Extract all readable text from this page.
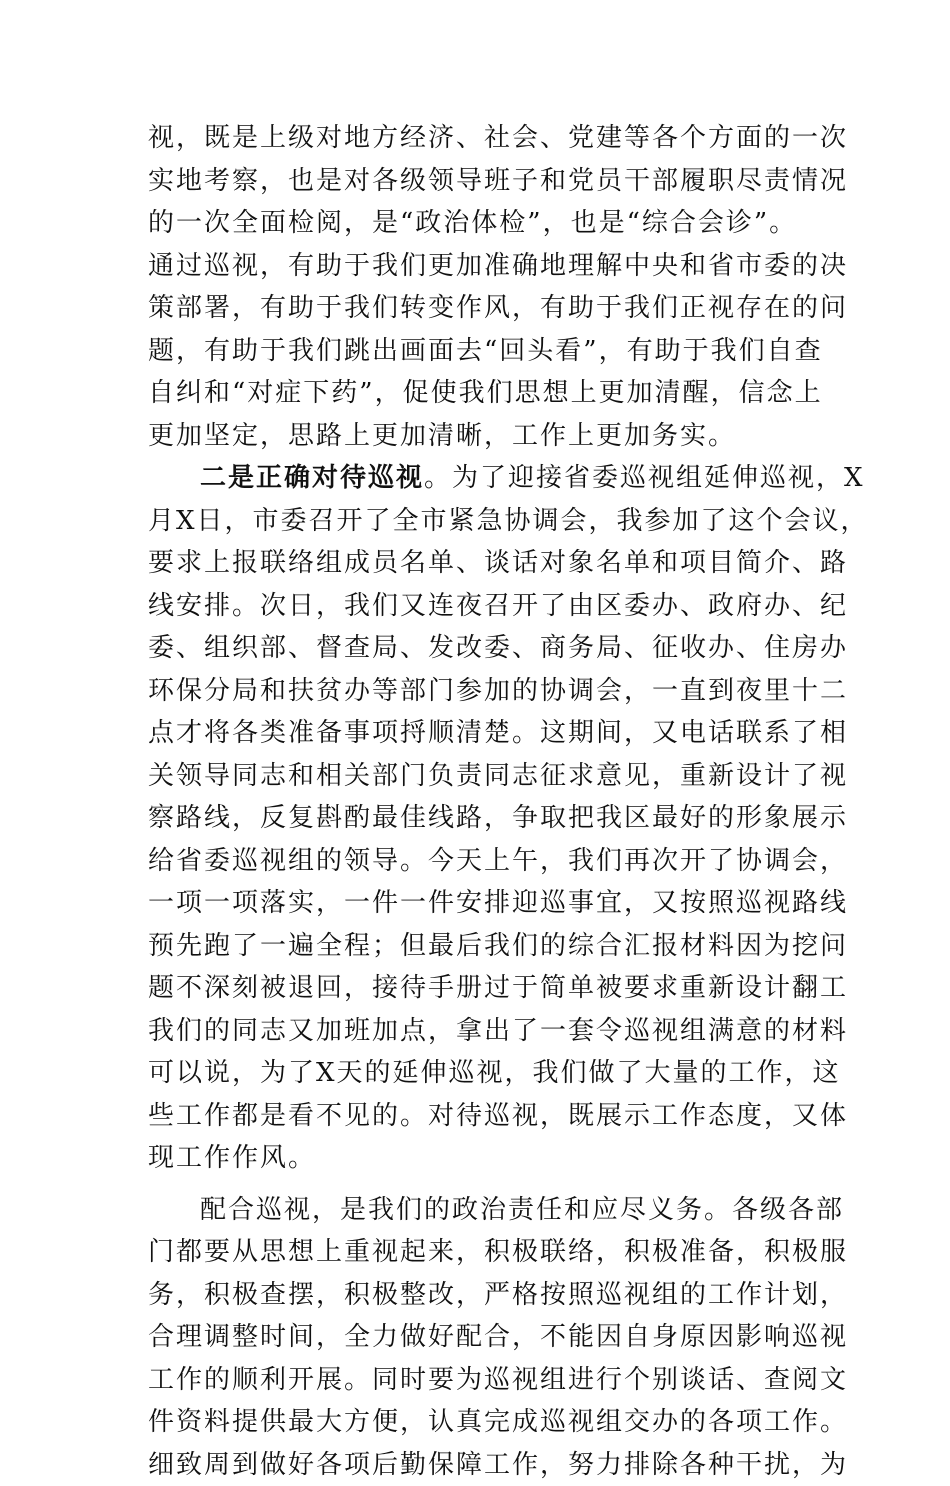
视，既是上级对地方经济、社会、党建等各个方面的一次
实地考察，也是对各级领导班子和党员干部履职尽责情况
的一次全面检阅，是“政治体检”，也是“综合会诊”。
通过巡视，有助于我们更加准确地理解中央和省市委的决
策部署，有助于我们转变作风，有助于我们正视存在的问
题，有助于我们跳出画面去“回头看”，有助于我们自查
自纠和“对症下药”，促使我们思想上更加清醒，信念上
更加坚定，思路上更加清晰，工作上更加务实。
二是正确对待巡视。为了迎接省委巡视组延伸巡视，X
月X日，市委召开了全市紧急协调会，我参加了这个会议，
要求上报联络组成员名单、谈话对象名单和项目简介、路
线安排。次日，我们又连夜召开了由区委办、政府办、纪
委、组织部、督查局、发改委、商务局、征收办、住房办
环保分局和扶贫办等部门参加的协调会，一直到夜里十二
点才将各类准备事项捋顺清楚。这期间，又电话联系了相
关领导同志和相关部门负责同志征求意见，重新设计了视
察路线，反复斟酌最佳线路，争取把我区最好的形象展示
给省委巡视组的领导。今天上午，我们再次开了协调会，
一项一项落实，一件一件安排迎巡事宜，又按照巡视路线
预先跑了一遍全程；但最后我们的综合汇报材料因为挖问
题不深刻被退回，接待手册过于简单被要求重新设计翻工
我们的同志又加班加点，拿出了一套令巡视组满意的材料
可以说，为了X天的延伸巡视，我们做了大量的工作，这
些工作都是看不见的。对待巡视，既展示工作态度，又体
现工作作风。
配合巡视，是我们的政治责任和应尽义务。各级各部
门都要从思想上重视起来，积极联络，积极准备，积极服
务，积极查摆，积极整改，严格按照巡视组的工作计划，
合理调整时间，全力做好配合，不能因自身原因影响巡视
工作的顺利开展。同时要为巡视组进行个别谈话、查阅文
件资料提供最大方便，认真完成巡视组交办的各项工作。
细致周到做好各项后勤保障工作，努力排除各种干扰，为
